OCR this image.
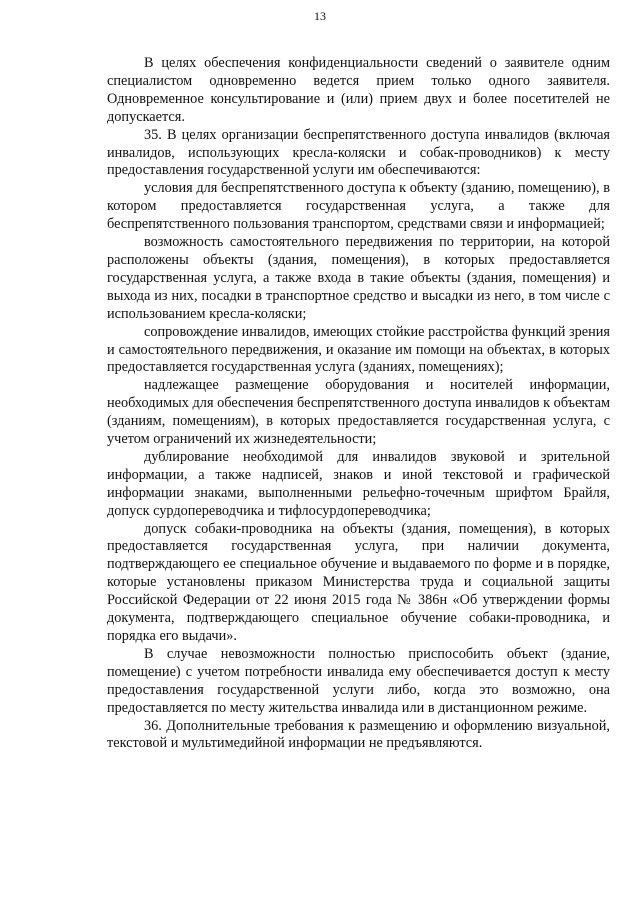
13

В целях обеспечения конфиденциальности сведений о заявителе одним специалистом одновременно ведется прием только одного заявителя. Одновременное консультирование и (или) прием двух и более посетителей не допускается.

35. В целях организации беспрепятственного доступа инвалидов (включая инвалидов, использующих кресла-коляски и собак-проводников) к месту предоставления государственной услуги им обеспечиваются:

условия для беспрепятственного доступа к объекту (зданию, помещению), в котором предоставляется государственная услуга, а также для беспрепятственного пользования транспортом, средствами связи и информацией;

возможность самостоятельного передвижения по территории, на которой расположены объекты (здания, помещения), в которых предоставляется государственная услуга, а также входа в такие объекты (здания, помещения) и выхода из них, посадки в транспортное средство и высадки из него, в том числе с использованием кресла-коляски;

сопровождение инвалидов, имеющих стойкие расстройства функций зрения и самостоятельного передвижения, и оказание им помощи на объектах, в которых предоставляется государственная услуга (зданиях, помещениях);

надлежащее размещение оборудования и носителей информации, необходимых для обеспечения беспрепятственного доступа инвалидов к объектам (зданиям, помещениям), в которых предоставляется государственная услуга, с учетом ограничений их жизнедеятельности;

дублирование необходимой для инвалидов звуковой и зрительной информации, а также надписей, знаков и иной текстовой и графической информации знаками, выполненными рельефно-точечным шрифтом Брайля, допуск сурдопереводчика и тифлосурдопереводчика;

допуск собаки-проводника на объекты (здания, помещения), в которых предоставляется государственная услуга, при наличии документа, подтверждающего ее специальное обучение и выдаваемого по форме и в порядке, которые установлены приказом Министерства труда и социальной защиты Российской Федерации от 22 июня 2015 года № 386н «Об утверждении формы документа, подтверждающего специальное обучение собаки-проводника, и порядка его выдачи».

В случае невозможности полностью приспособить объект (здание, помещение) с учетом потребности инвалида ему обеспечивается доступ к месту предоставления государственной услуги либо, когда это возможно, она предоставляется по месту жительства инвалида или в дистанционном режиме.

36. Дополнительные требования к размещению и оформлению визуальной, текстовой и мультимедийной информации не предъявляются.
